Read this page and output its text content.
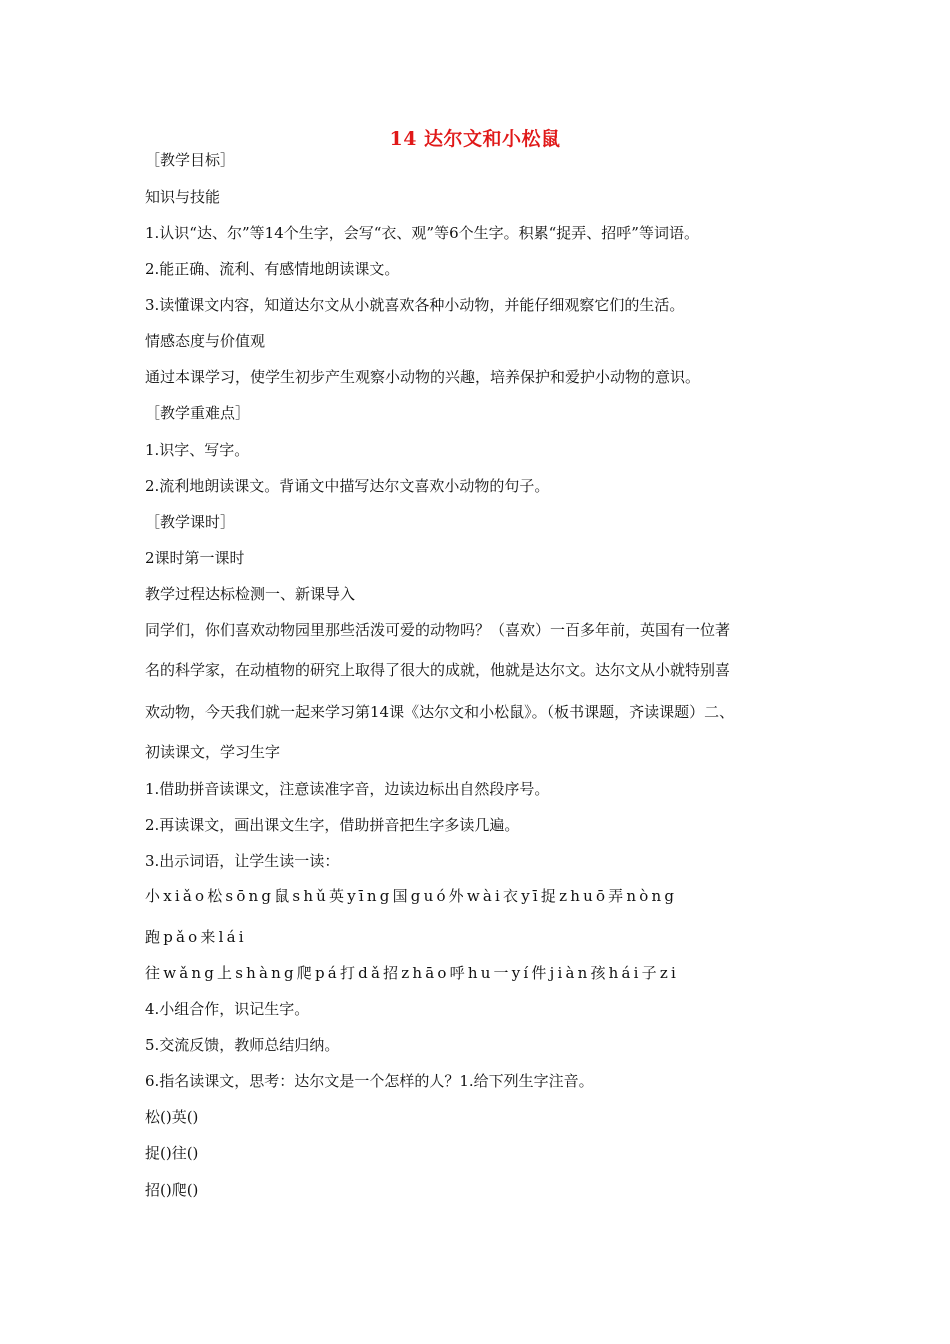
14 达尔文和小松鼠
［教学目标］
知识与技能
1.认识“达、尔”等14个生字，会写“衣、观”等6个生字。积累“捉弄、招呼”等词语。
2.能正确、流利、有感情地朗读课文。
3.读懂课文内容，知道达尔文从小就喜欢各种小动物，并能仔细观察它们的生活。
情感态度与价值观
通过本课学习，使学生初步产生观察小动物的兴趣，培养保护和爱护小动物的意识。
［教学重难点］
1.识字、写字。
2.流利地朗读课文。背诵文中描写达尔文喜欢小动物的句子。
［教学课时］
2课时第一课时
教学过程达标检测一、新课导入
同学们，你们喜欢动物园里那些活泼可爱的动物吗？（喜欢）一百多年前，英国有一位著
名的科学家，在动植物的研究上取得了很大的成就，他就是达尔文。达尔文从小就特别喜
欢动物，今天我们就一起来学习第14课《达尔文和小松鼠》。（板书课题，齐读课题）二、
初读课文，学习生字
1.借助拼音读课文，注意读准字音，边读边标出自然段序号。
2.再读课文，画出课文生字，借助拼音把生字多读几遍。
3.出示词语，让学生读一读：
小xiǎo松sōng鼠shǔ英yīng国guó外wài衣yī捉zhuō弄nòng
跑pǎo来lái
往wǎng上shàng爬pá打dǎ招zhāo呼hu一yí件jiàn孩hái子zi
4.小组合作，识记生字。
5.交流反馈，教师总结归纳。
6.指名读课文，思考：达尔文是一个怎样的人？1.给下列生字注音。
松()英()
捉()往()
招()爬()
